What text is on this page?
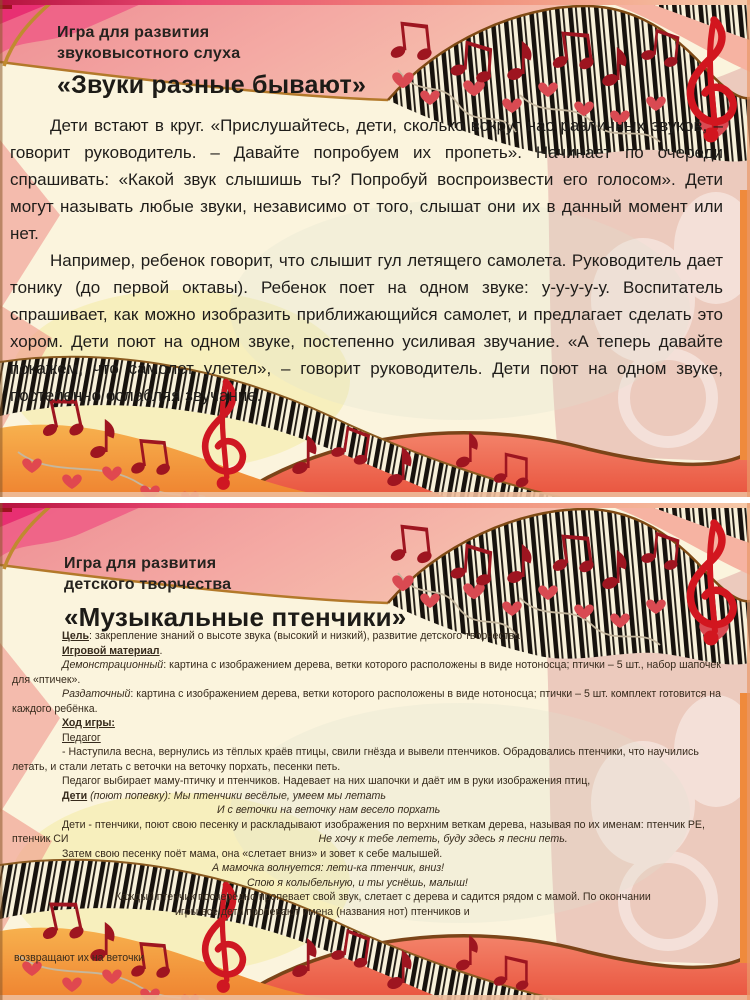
Игра для развития
звуковысотного слуха
«Звуки разные бывают»

Дети встают в круг. «Прислушайтесь, дети, сколько вокруг нас различных звуков, – говорит руководитель. – Давайте попробуем их пропеть». Начинает по очереди спрашивать: «Какой звук слышишь ты? Попробуй воспроизвести его голосом». Дети могут называть любые звуки, независимо от того, слышат они их в данный момент или нет.

Например, ребенок говорит, что слышит гул летящего самолета. Руководитель дает тонику (до первой октавы). Ребенок поет на одном звуке: у-у-у-у-у. Воспитатель спрашивает, как можно изобразить приближающийся самолет, и предлагает сделать это хором. Дети поют на одном звуке, постепенно усиливая звучание. «А теперь давайте покажем, что самолет улетел», – говорит руководитель. Дети поют на одном звуке, постепенно ослабляя звучание.

Игра для развития
детского творчества
«Музыкальные птенчики»

Цель: закрепление знаний о высоте звука (высокий и низкий), развитие детского творчества.

Игровой материал.

Демонстрационный: картина с изображением дерева, ветки которого расположены в виде нотоносца; птички – 5 шт., набор шапочек для «птичек».

Раздаточный: картина с изображением дерева, ветки которого расположены в виде нотоносца; птички – 5 шт. комплект готовится на каждого ребёнка.

Ход игры:

Педагог

- Наступила весна, вернулись из тёплых краёв птицы, свили гнёзда и вывели птенчиков. Обрадовались птенчики, что научились летать, и стали летать с веточки на веточку порхать, песенки петь.

Педагог выбирает маму-птичку и птенчиков. Надевает на них шапочки и даёт им в руки изображения птиц,

Дети (поют попевку): Мы птенчики весёлые, умеем мы летать

И с веточки на веточку нам весело порхать

Дети - птенчики, поют свою песенку и раскладывают изображения по верхним веткам дерева, называя по их именам: птенчик РЕ,

птенчик СИ	Не хочу к тебе лететь, буду здесь я песни петь.

Затем свою песенку поёт мама, она «слетает вниз» и зовет к себе малышей.

А мамочка волнуется: лети-ка птенчик, вниз!

Спою я колыбельную, и ты уснёшь, малыш!

Каждый птенчик посчерёдно пропевает свой звук, слетает с дерева и садится рядом с мамой. По окончании

игры все дети пропевают имена (названия нот) птенчиков и

возвращают их на веточки
